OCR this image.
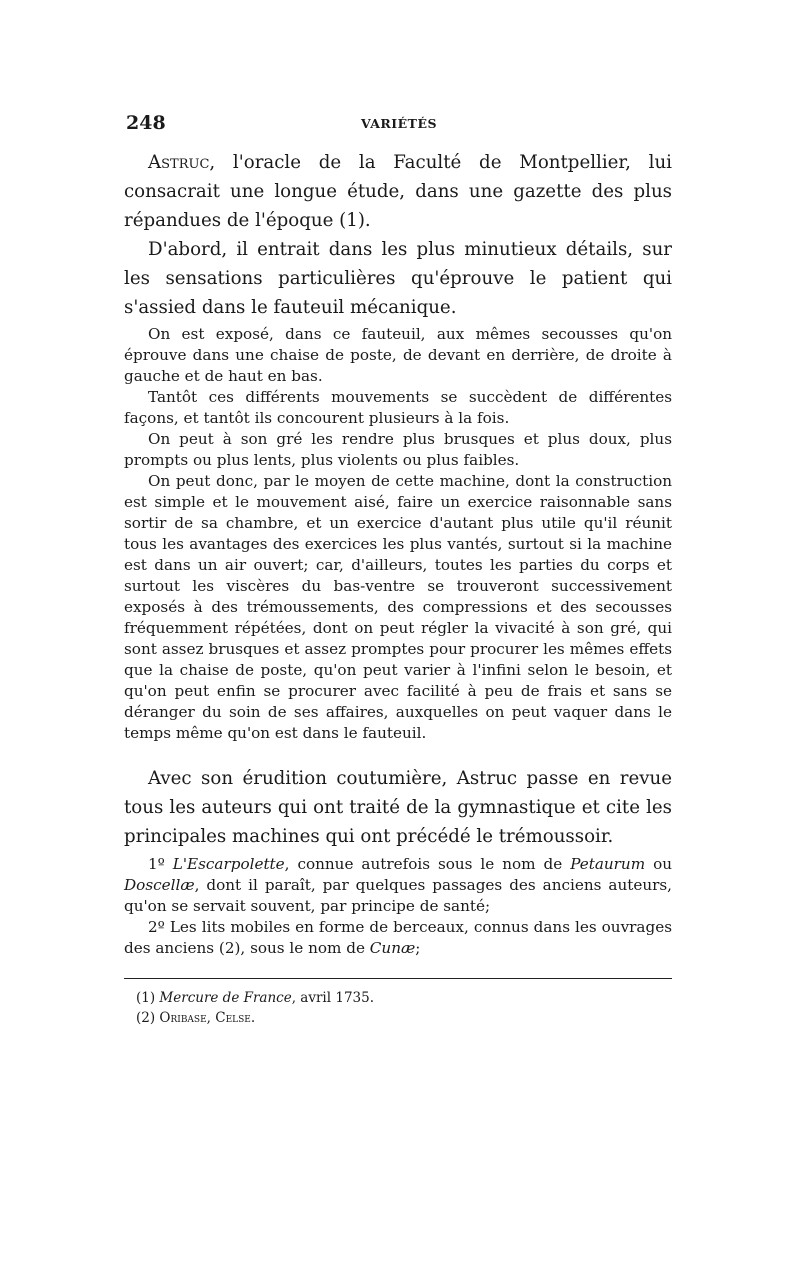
248	VARIÉTÉS

Astruc, l'oracle de la Faculté de Montpellier, lui consacrait une longue étude, dans une gazette des plus répandues de l'époque (1).

D'abord, il entrait dans les plus minutieux détails, sur les sensations particulières qu'éprouve le patient qui s'assied dans le fauteuil mécanique.

On est exposé, dans ce fauteuil, aux mêmes secousses qu'on éprouve dans une chaise de poste, de devant en derrière, de droite à gauche et de haut en bas.

Tantôt ces différents mouvements se succèdent de différentes façons, et tantôt ils concourent plusieurs à la fois.

On peut à son gré les rendre plus brusques et plus doux, plus prompts ou plus lents, plus violents ou plus faibles.

On peut donc, par le moyen de cette machine, dont la construction est simple et le mouvement aisé, faire un exercice raisonnable sans sortir de sa chambre, et un exercice d'autant plus utile qu'il réunit tous les avantages des exercices les plus vantés, surtout si la machine est dans un air ouvert; car, d'ailleurs, toutes les parties du corps et surtout les viscères du bas-ventre se trouveront successivement exposés à des trémoussements, des compressions et des secousses fréquemment répétées, dont on peut régler la vivacité à son gré, qui sont assez brusques et assez promptes pour procurer les mêmes effets que la chaise de poste, qu'on peut varier à l'infini selon le besoin, et qu'on peut enfin se procurer avec facilité à peu de frais et sans se déranger du soin de ses affaires, auxquelles on peut vaquer dans le temps même qu'on est dans le fauteuil.

Avec son érudition coutumière, Astruc passe en revue tous les auteurs qui ont traité de la gymnastique et cite les principales machines qui ont précédé le trémoussoir.

1º L'Escarpolette, connue autrefois sous le nom de Petaurum ou Doscellæ, dont il paraît, par quelques passages des anciens auteurs, qu'on se servait souvent, par principe de santé;

2º Les lits mobiles en forme de berceaux, connus dans les ouvrages des anciens (2), sous le nom de Cunæ;

(1) Mercure de France, avril 1735.

(2) Oribase, Celse.
